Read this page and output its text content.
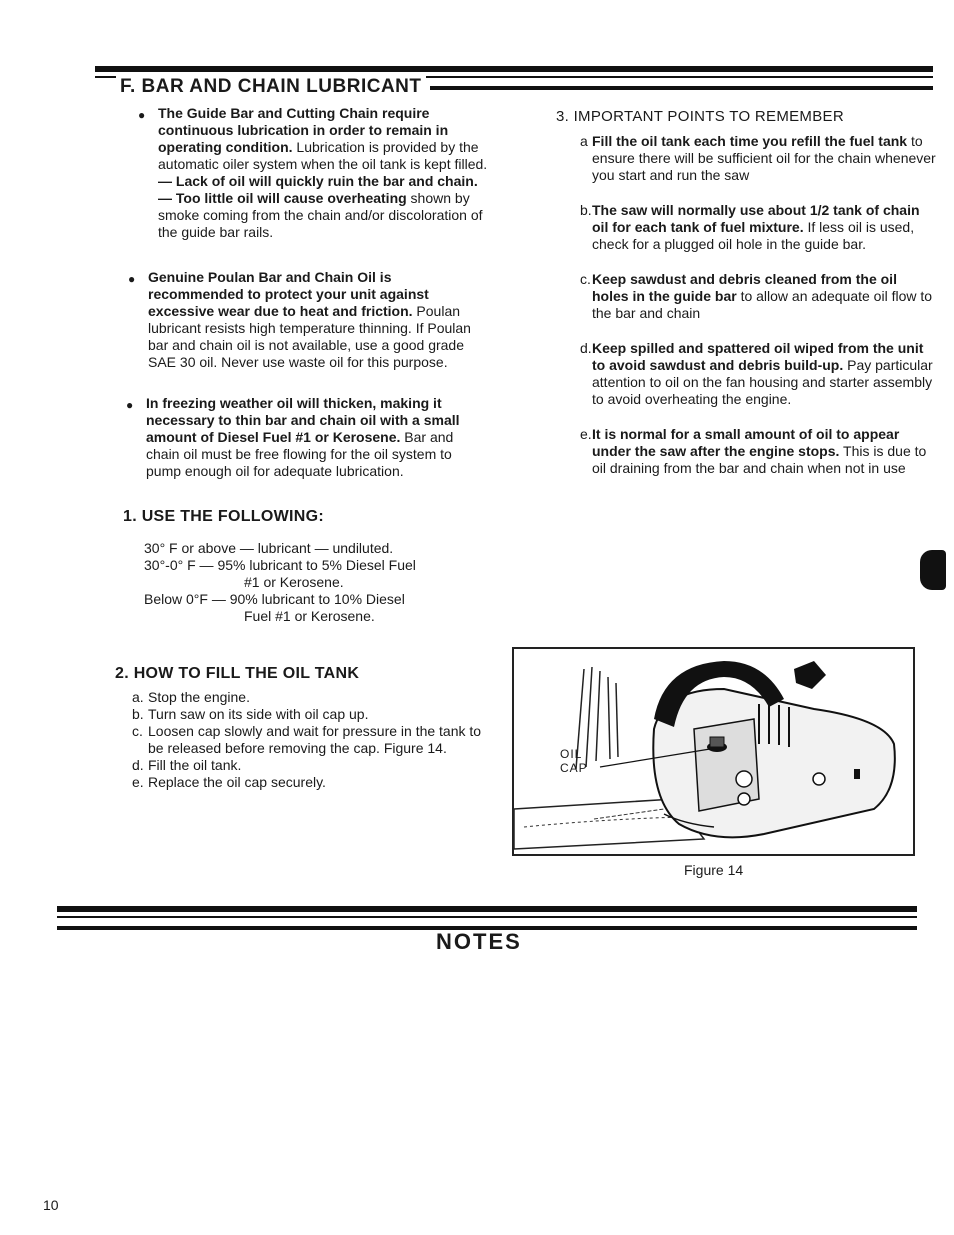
F. BAR AND CHAIN LUBRICANT
● The Guide Bar and Cutting Chain require continuous lubrication in order to remain in operating condition. Lubrication is provided by the automatic oiler system when the oil tank is kept filled.
— Lack of oil will quickly ruin the bar and chain.
— Too little oil will cause overheating shown by smoke coming from the chain and/or discoloration of the guide bar rails.
● Genuine Poulan Bar and Chain Oil is recommended to protect your unit against excessive wear due to heat and friction. Poulan lubricant resists high temperature thinning. If Poulan bar and chain oil is not available, use a good grade SAE 30 oil. Never use waste oil for this purpose.
● In freezing weather oil will thicken, making it necessary to thin bar and chain oil with a small amount of Diesel Fuel #1 or Kerosene. Bar and chain oil must be free flowing for the oil system to pump enough oil for adequate lubrication.
1. USE THE FOLLOWING:
30° F or above — lubricant — undiluted.
30°-0° F — 95% lubricant to 5% Diesel Fuel
#1 or Kerosene.
Below 0°F — 90% lubricant to 10% Diesel
Fuel #1 or Kerosene.
2. HOW TO FILL THE OIL TANK
a. Stop the engine.
b. Turn saw on its side with oil cap up.
c. Loosen cap slowly and wait for pressure in the tank to be released before removing the cap. Figure 14.
d. Fill the oil tank.
e. Replace the oil cap securely.
3. IMPORTANT POINTS TO REMEMBER
a Fill the oil tank each time you refill the fuel tank to ensure there will be sufficient oil for the chain whenever you start and run the saw
b. The saw will normally use about 1/2 tank of chain oil for each tank of fuel mixture. If less oil is used, check for a plugged oil hole in the guide bar.
c. Keep sawdust and debris cleaned from the oil holes in the guide bar to allow an adequate oil flow to the bar and chain
d. Keep spilled and spattered oil wiped from the unit to avoid sawdust and debris build-up. Pay particular attention to oil on the fan housing and starter assembly to avoid overheating the engine.
e. It is normal for a small amount of oil to appear under the saw after the engine stops. This is due to oil draining from the bar and chain when not in use
OIL
CAP
Figure 14
NOTES
10
